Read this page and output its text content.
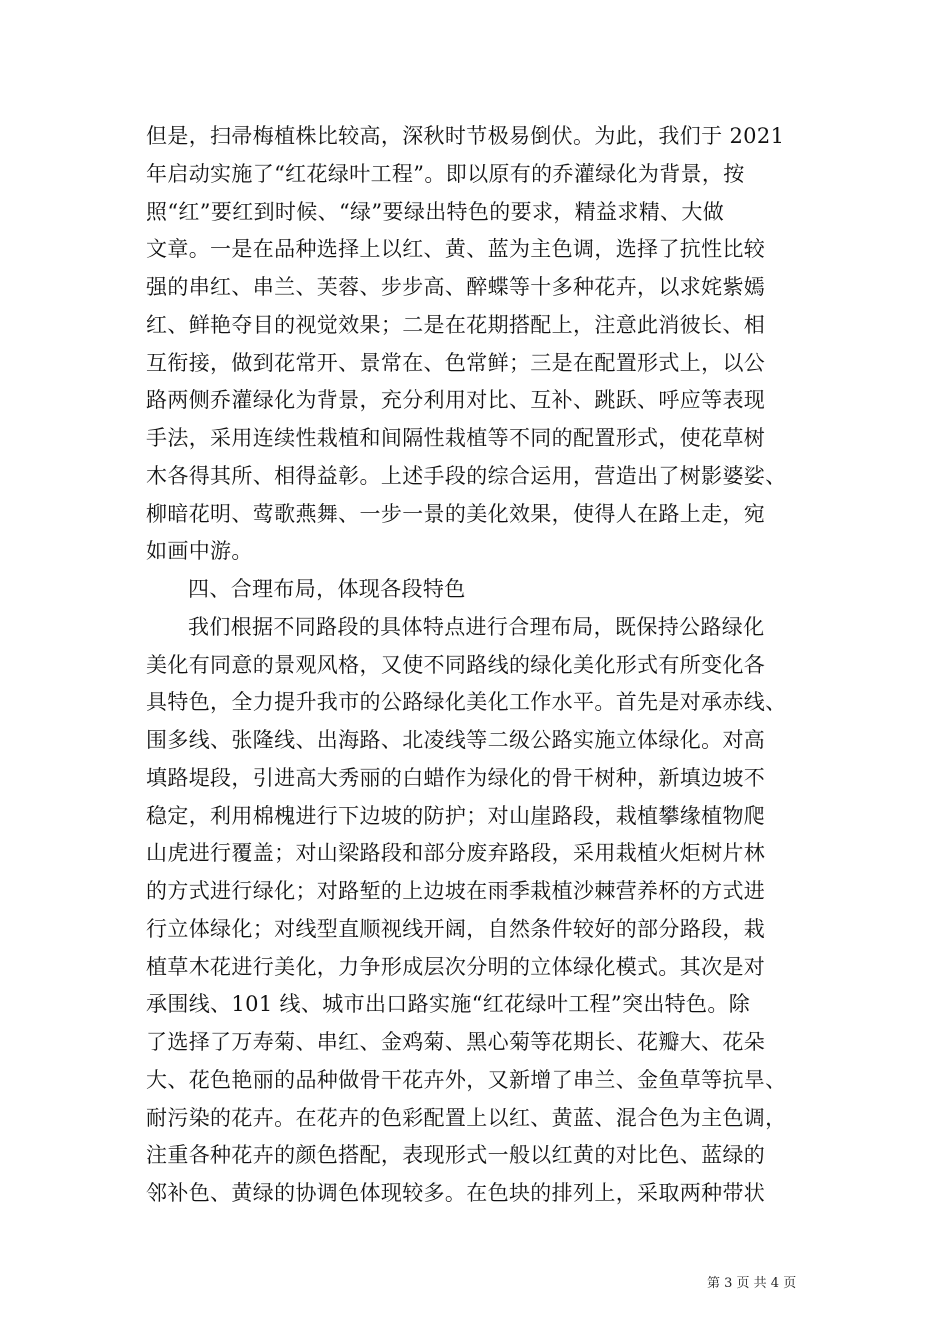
但是，扫帚梅植株比较高，深秋时节极易倒伏。为此，我们于 2021
年启动实施了“红花绿叶工程”。即以原有的乔灌绿化为背景，按
照“红”要红到时候、“绿”要绿出特色的要求，精益求精、大做
文章。一是在品种选择上以红、黄、蓝为主色调，选择了抗性比较
强的串红、串兰、芙蓉、步步高、醉蝶等十多种花卉，以求姹紫嫣
红、鲜艳夺目的视觉效果；二是在花期搭配上，注意此消彼长、相
互衔接，做到花常开、景常在、色常鲜；三是在配置形式上，以公
路两侧乔灌绿化为背景，充分利用对比、互补、跳跃、呼应等表现
手法，采用连续性栽植和间隔性栽植等不同的配置形式，使花草树
木各得其所、相得益彰。上述手段的综合运用，营造出了树影婆娑、
柳暗花明、莺歌燕舞、一步一景的美化效果，使得人在路上走，宛
如画中游。
四、合理布局，体现各段特色
我们根据不同路段的具体特点进行合理布局，既保持公路绿化
美化有同意的景观风格，又使不同路线的绿化美化形式有所变化各
具特色，全力提升我市的公路绿化美化工作水平。首先是对承赤线、
围多线、张隆线、出海路、北凌线等二级公路实施立体绿化。对高
填路堤段，引进高大秀丽的白蜡作为绿化的骨干树种，新填边坡不
稳定，利用棉槐进行下边坡的防护；对山崖路段，栽植攀缘植物爬
山虎进行覆盖；对山梁路段和部分废弃路段，采用栽植火炬树片林
的方式进行绿化；对路堑的上边坡在雨季栽植沙棘营养杯的方式进
行立体绿化；对线型直顺视线开阔，自然条件较好的部分路段，栽
植草木花进行美化，力争形成层次分明的立体绿化模式。其次是对
承围线、101 线、城市出口路实施“红花绿叶工程”突出特色。除
了选择了万寿菊、串红、金鸡菊、黑心菊等花期长、花瓣大、花朵
大、花色艳丽的品种做骨干花卉外，又新增了串兰、金鱼草等抗旱、
耐污染的花卉。在花卉的色彩配置上以红、黄蓝、混合色为主色调，
注重各种花卉的颜色搭配，表现形式一般以红黄的对比色、蓝绿的
邻补色、黄绿的协调色体现较多。在色块的排列上，采取两种带状
第 3 页 共 4 页
